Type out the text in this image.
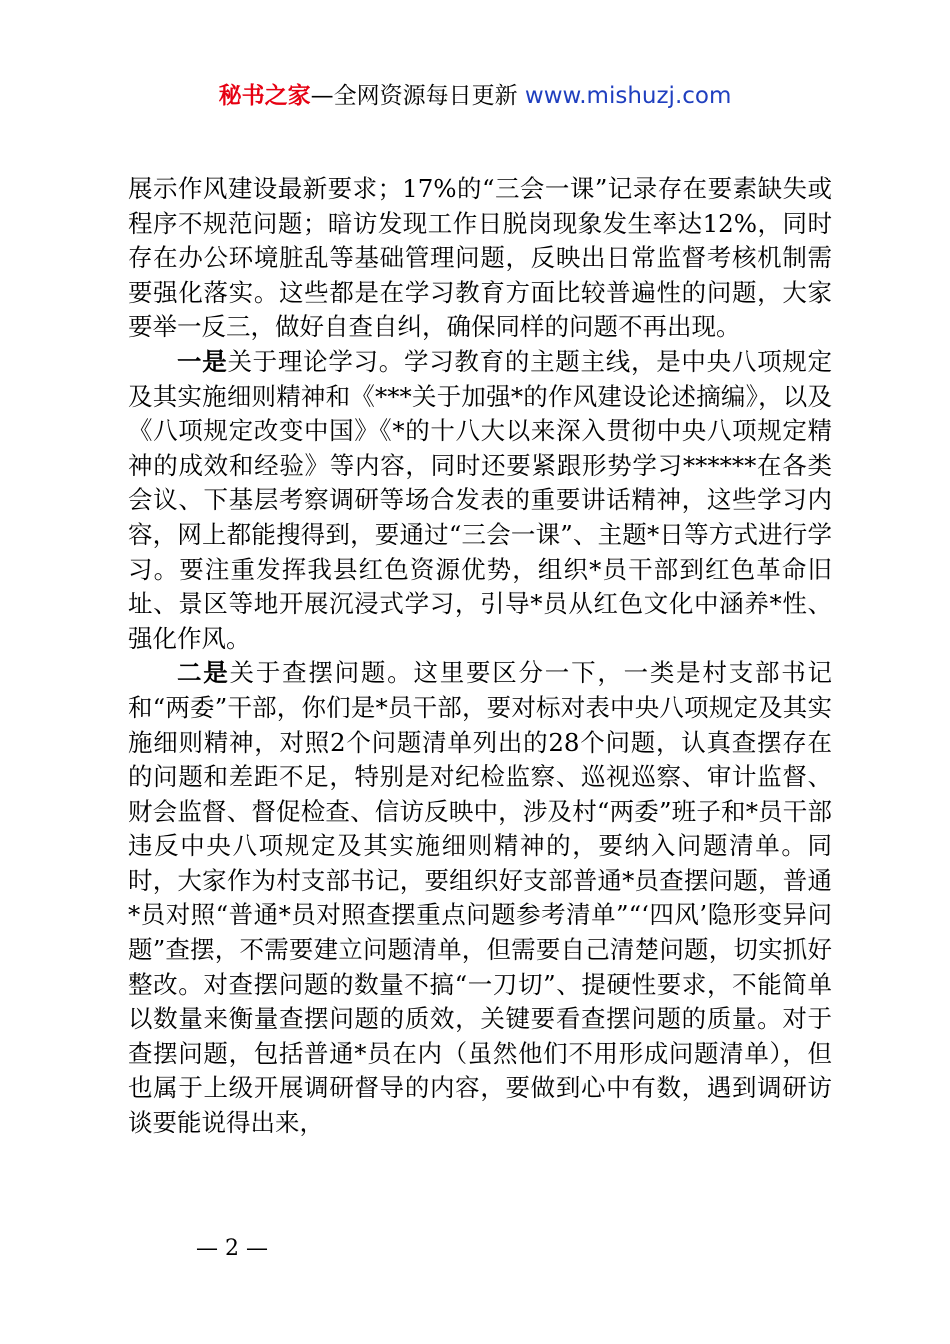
秘书之家—全网资源每日更新 www.mishuzj.com

展示作风建设最新要求；17%的“三会一课”记录存在要素缺失或程序不规范问题；暗访发现工作日脱岗现象发生率达12%，同时存在办公环境脏乱等基础管理问题，反映出日常监督考核机制需要强化落实。这些都是在学习教育方面比较普遍性的问题，大家要举一反三，做好自查自纠，确保同样的问题不再出现。

一是关于理论学习。学习教育的主题主线，是中央八项规定及其实施细则精神和《***关于加强*的作风建设论述摘编》，以及《八项规定改变中国》《*的十八大以来深入贯彻中央八项规定精神的成效和经验》等内容，同时还要紧跟形势学习******在各类会议、下基层考察调研等场合发表的重要讲话精神，这些学习内容，网上都能搜得到，要通过“三会一课”、主题*日等方式进行学习。要注重发挥我县红色资源优势，组织*员干部到红色革命旧址、景区等地开展沉浸式学习，引导*员从红色文化中涵养*性、强化作风。

二是关于查摆问题。这里要区分一下，一类是村支部书记和“两委”干部，你们是*员干部，要对标对表中央八项规定及其实施细则精神，对照2个问题清单列出的28个问题，认真查摆存在的问题和差距不足，特别是对纪检监察、巡视巡察、审计监督、财会监督、督促检查、信访反映中，涉及村“两委”班子和*员干部违反中央八项规定及其实施细则精神的，要纳入问题清单。同时，大家作为村支部书记，要组织好支部普通*员查摆问题，普通*员对照“普通*员对照查摆重点问题参考清单”“‘四风’隐形变异问题”查摆，不需要建立问题清单，但需要自己清楚问题，切实抓好整改。对查摆问题的数量不搞“一刀切”、提硬性要求，不能简单以数量来衡量查摆问题的质效，关键要看查摆问题的质量。对于查摆问题，包括普通*员在内（虽然他们不用形成问题清单），但也属于上级开展调研督导的内容，要做到心中有数，遇到调研访谈要能说得出来，

— 2 —
